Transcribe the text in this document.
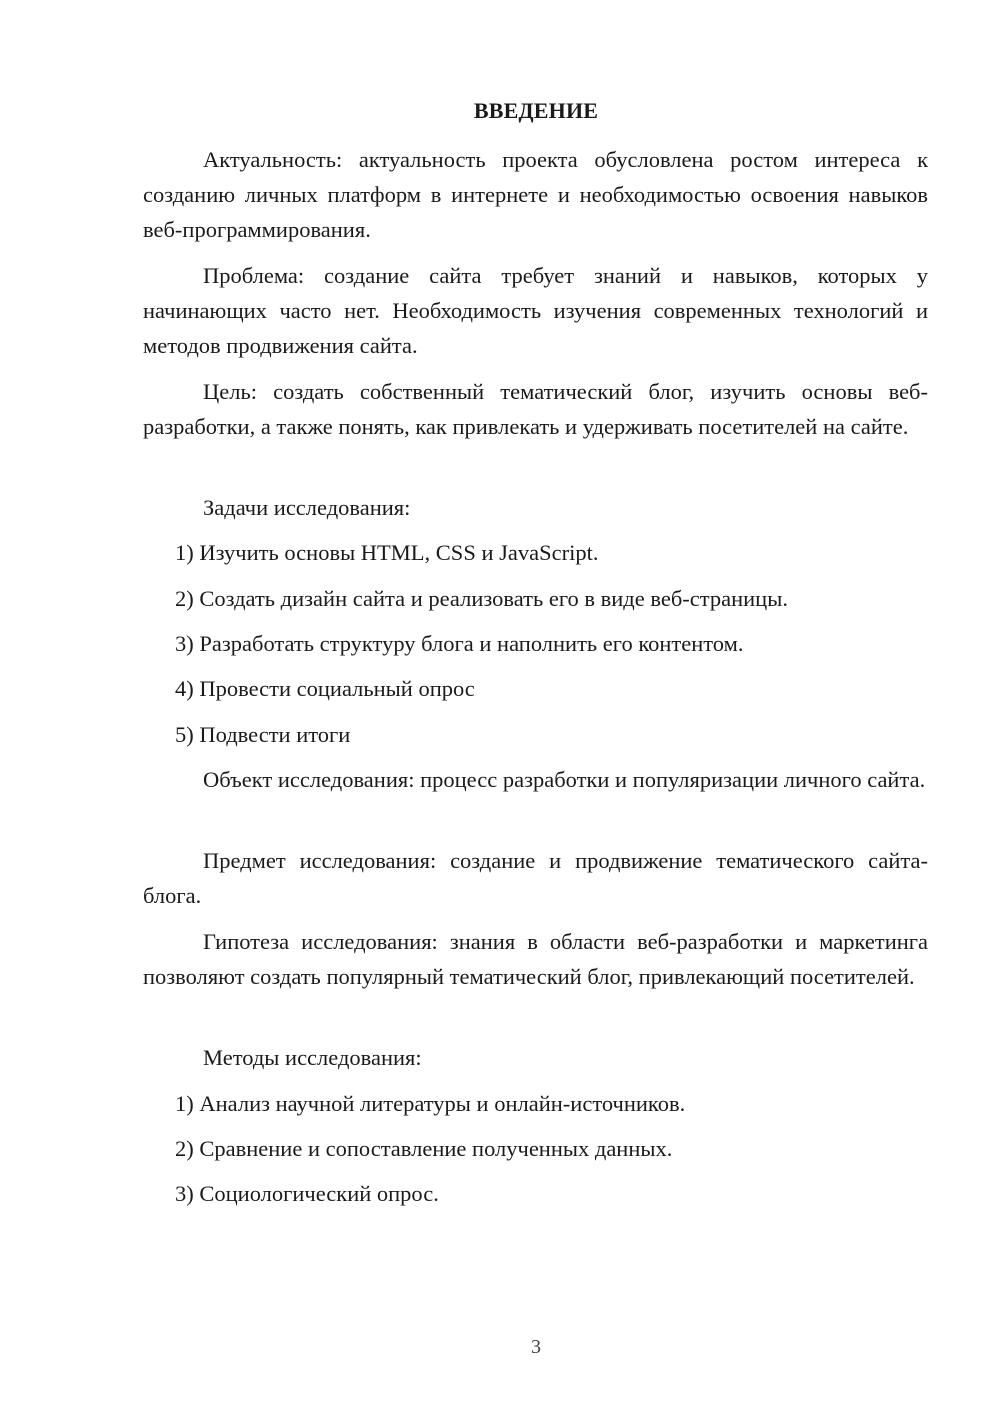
ВВЕДЕНИЕ

Актуальность: актуальность проекта обусловлена ростом интереса к созданию личных платформ в интернете и необходимостью освоения навыков веб-программирования.

Проблема: создание сайта требует знаний и навыков, которых у начинающих часто нет. Необходимость изучения современных технологий и методов продвижения сайта.

Цель: создать собственный тематический блог, изучить основы веб-разработки, а также понять, как привлекать и удерживать посетителей на сайте.

Задачи исследования:

1) Изучить основы HTML, CSS и JavaScript.

2) Создать дизайн сайта и реализовать его в виде веб-страницы.

3) Разработать структуру блога и наполнить его контентом.

4) Провести социальный опрос

5) Подвести итоги

Объект исследования: процесс разработки и популяризации личного сайта.

Предмет исследования: создание и продвижение тематического сайта-блога.

Гипотеза исследования: знания в области веб-разработки и маркетинга позволяют создать популярный тематический блог, привлекающий посетителей.

Методы исследования:

1) Анализ научной литературы и онлайн-источников.

2) Сравнение и сопоставление полученных данных.

3) Социологический опрос.

3
